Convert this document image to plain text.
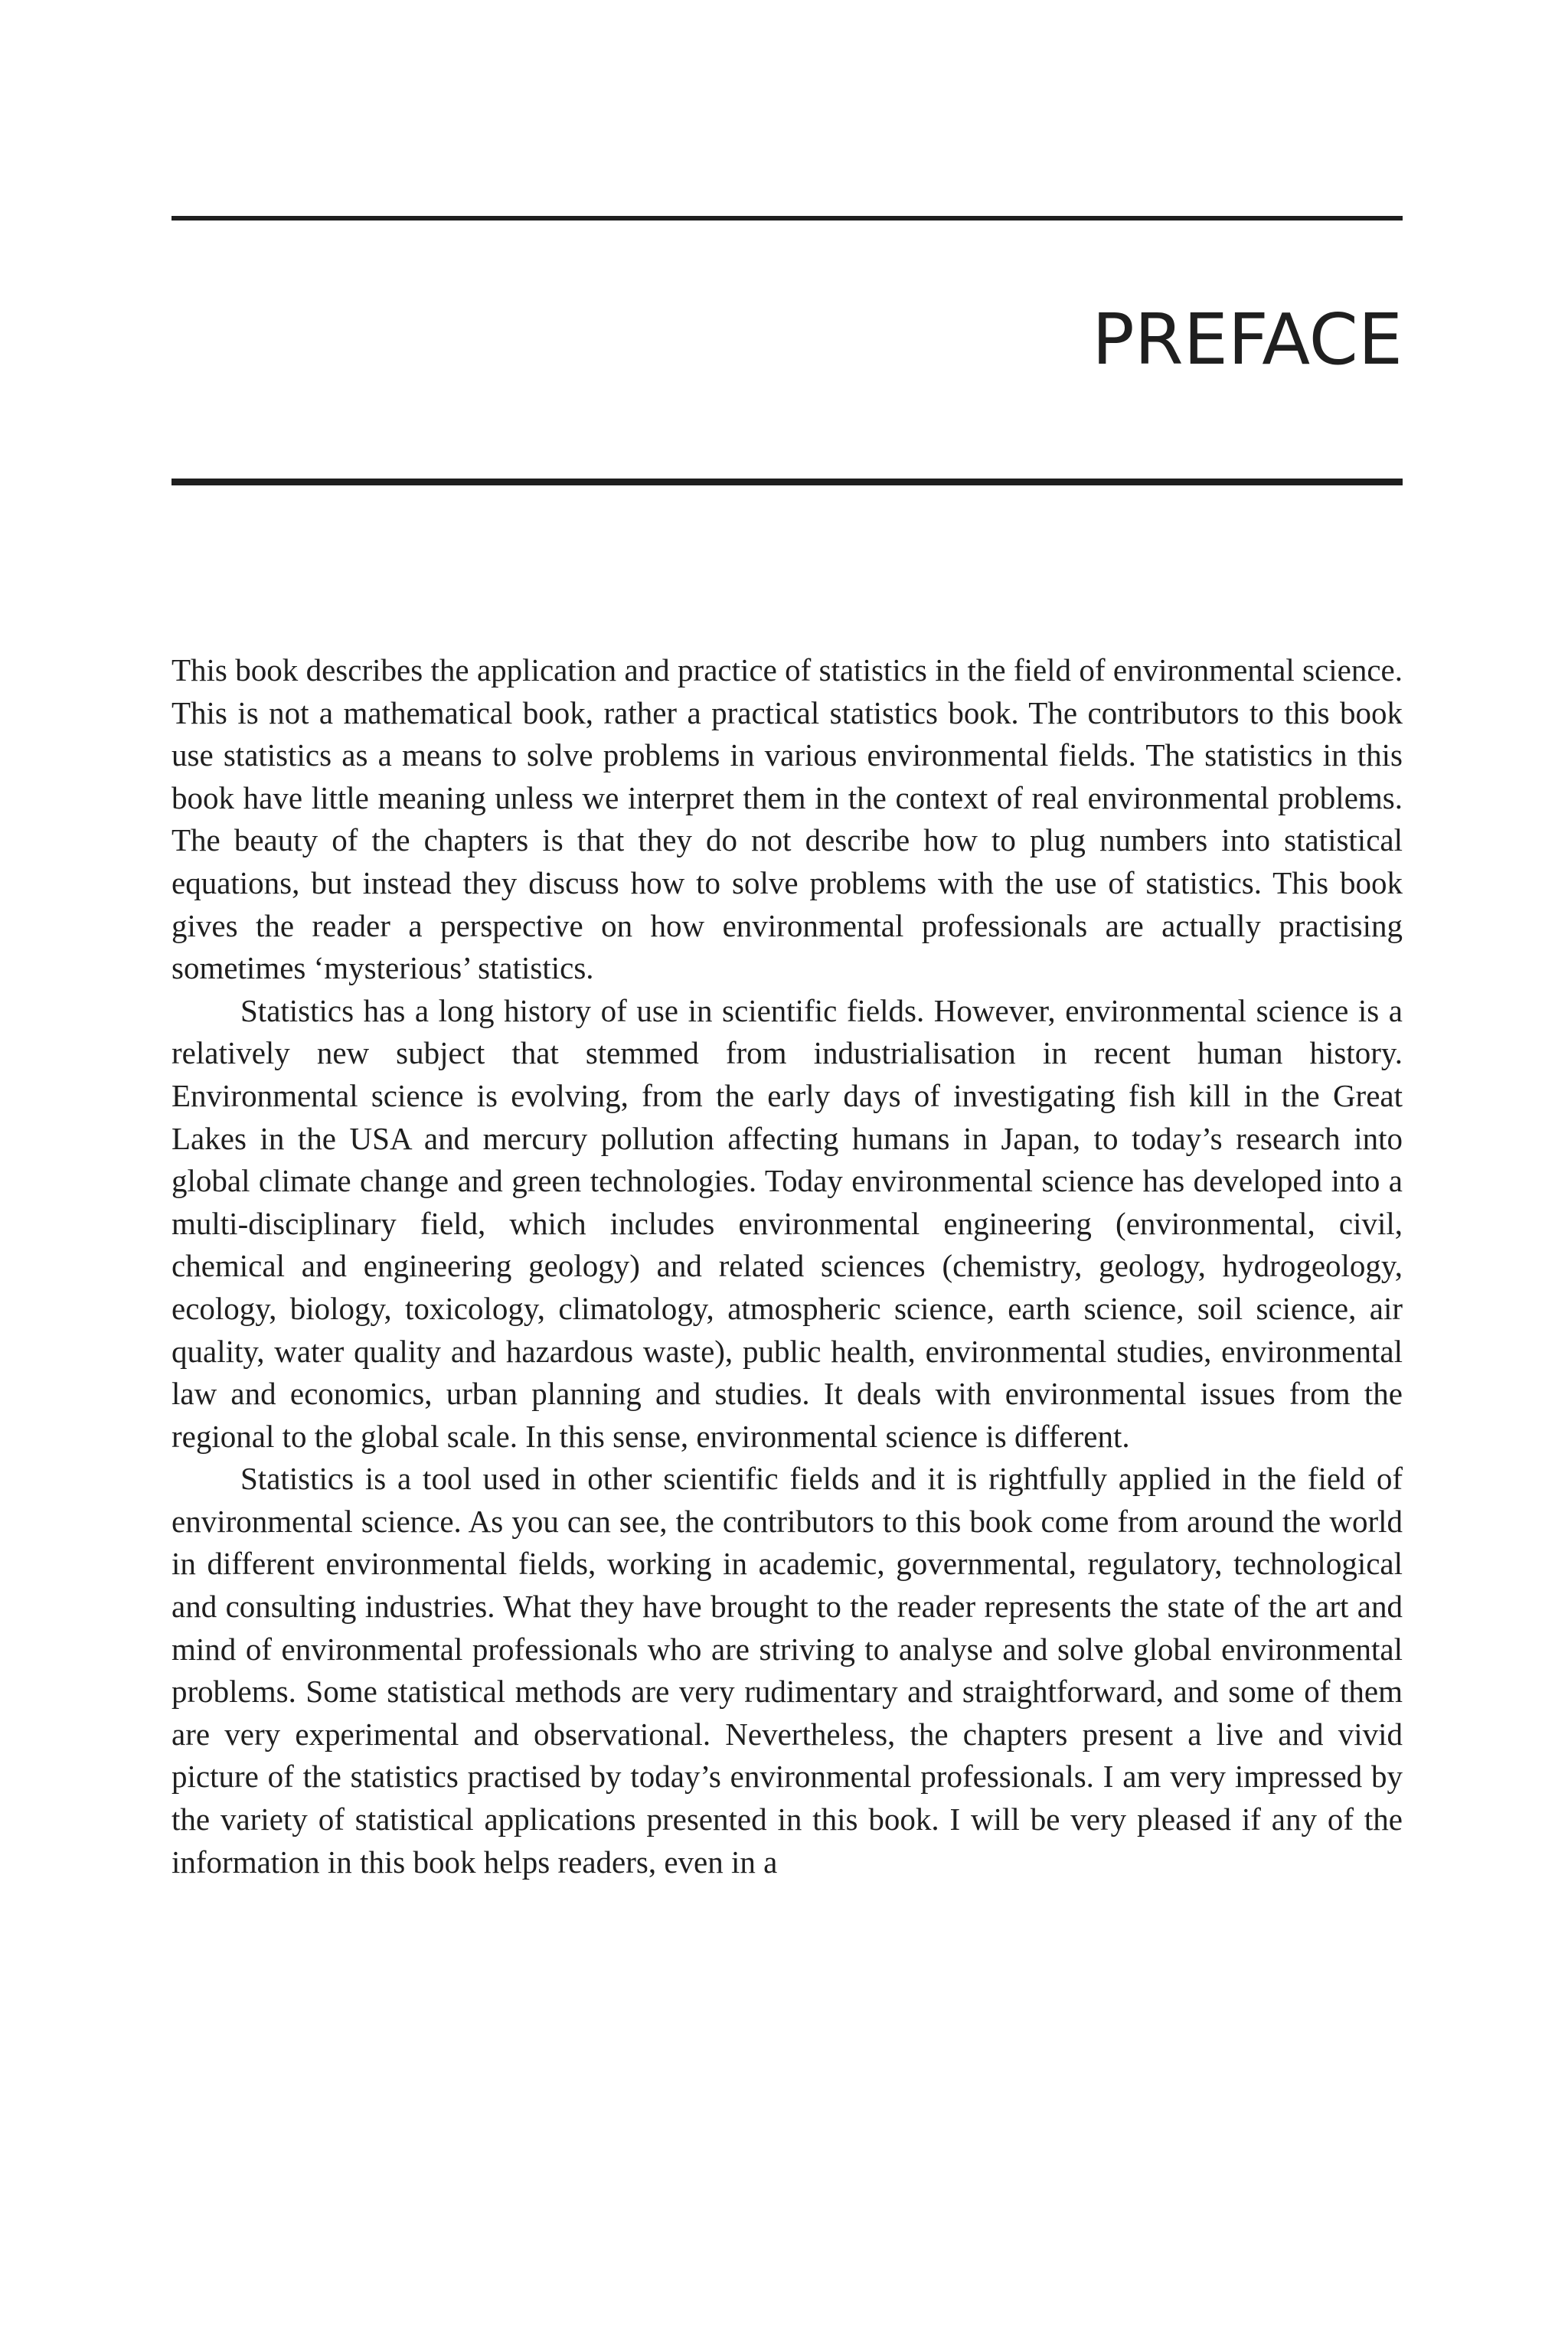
PREFACE

This book describes the application and practice of statistics in the field of environmental science. This is not a mathematical book, rather a practical statistics book. The contributors to this book use statistics as a means to solve problems in various environmental fields. The statistics in this book have little meaning unless we interpret them in the context of real environmental problems. The beauty of the chapters is that they do not describe how to plug numbers into statistical equations, but instead they discuss how to solve problems with the use of statistics. This book gives the reader a perspective on how environmental professionals are actually practising sometimes ‘mysterious’ statistics.

Statistics has a long history of use in scientific fields. However, environmental science is a relatively new subject that stemmed from industrialisation in recent human history. Environmental science is evolving, from the early days of investigating fish kill in the Great Lakes in the USA and mercury pollution affecting humans in Japan, to today’s research into global climate change and green technologies. Today environmental science has developed into a multi-disciplinary field, which includes environmental engineering (environmental, civil, chemical and engineering geology) and related sciences (chemistry, geology, hydrogeology, ecology, biology, toxicology, climatology, atmospheric science, earth science, soil science, air quality, water quality and hazardous waste), public health, environmental studies, environmental law and economics, urban planning and studies. It deals with environmental issues from the regional to the global scale. In this sense, environmental science is different.

Statistics is a tool used in other scientific fields and it is rightfully applied in the field of environmental science. As you can see, the contributors to this book come from around the world in different environmental fields, working in academic, governmental, regulatory, technological and consulting industries. What they have brought to the reader represents the state of the art and mind of environmental professionals who are striving to analyse and solve global environmental problems. Some statistical methods are very rudimentary and straightforward, and some of them are very experimental and observational. Nevertheless, the chapters present a live and vivid picture of the statistics practised by today’s environmental professionals. I am very impressed by the variety of statistical applications presented in this book. I will be very pleased if any of the information in this book helps readers, even in a
